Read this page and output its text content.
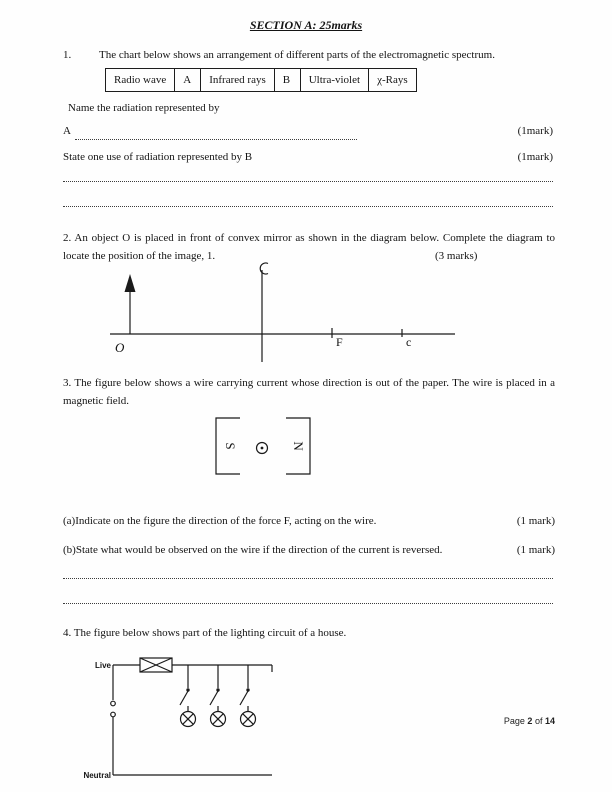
SECTION A: 25marks
1.	The chart below shows an arrangement of different parts of the electromagnetic spectrum.
Radio wave	A	Infrared rays	B	Ultra-violet	χ-Rays
Name the radiation represented by
A	(1mark)
State one use of radiation represented by B	(1mark)
2. An object O is placed in front of convex mirror as shown in the diagram below. Complete the diagram to locate the position of the image, 1.	(3 marks)
O	F	c
3. The figure below shows a wire carrying current whose direction is out of the paper. The wire is placed in a magnetic field.
S	N
(a)Indicate on the figure the direction of the force F, acting on the wire.	(1 mark)
(b)State what would be observed on the wire if the direction of the current is reversed.	(1 mark)
4. The figure below shows part of the lighting circuit of a house.
Live
Neutral
Page 2 of 14
